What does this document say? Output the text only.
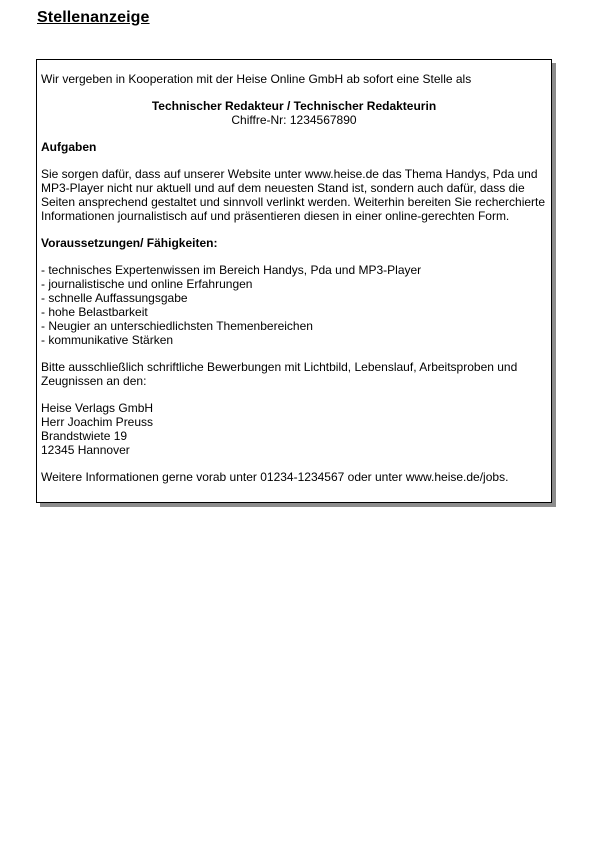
Stellenanzeige

Wir vergeben in Kooperation mit der Heise Online GmbH ab sofort eine Stelle als

Technischer Redakteur / Technischer Redakteurin
Chiffre-Nr: 1234567890

Aufgaben

Sie sorgen dafür, dass auf unserer Website unter www.heise.de das Thema Handys, Pda und MP3-Player nicht nur aktuell und auf dem neuesten Stand ist, sondern auch dafür, dass die Seiten ansprechend gestaltet und sinnvoll verlinkt werden. Weiterhin bereiten Sie recherchierte Informationen journalistisch auf und präsentieren diesen in einer online-gerechten Form.

Voraussetzungen/ Fähigkeiten:

- technisches Expertenwissen im Bereich Handys, Pda und MP3-Player
- journalistische und online Erfahrungen
- schnelle Auffassungsgabe
- hohe Belastbarkeit
- Neugier an unterschiedlichsten Themenbereichen
- kommunikative Stärken

Bitte ausschließlich schriftliche Bewerbungen mit Lichtbild, Lebenslauf, Arbeitsproben und Zeugnissen an den:

Heise Verlags GmbH
Herr Joachim Preuss
Brandstwiete 19
12345 Hannover

Weitere Informationen gerne vorab unter 01234-1234567 oder unter www.heise.de/jobs.
